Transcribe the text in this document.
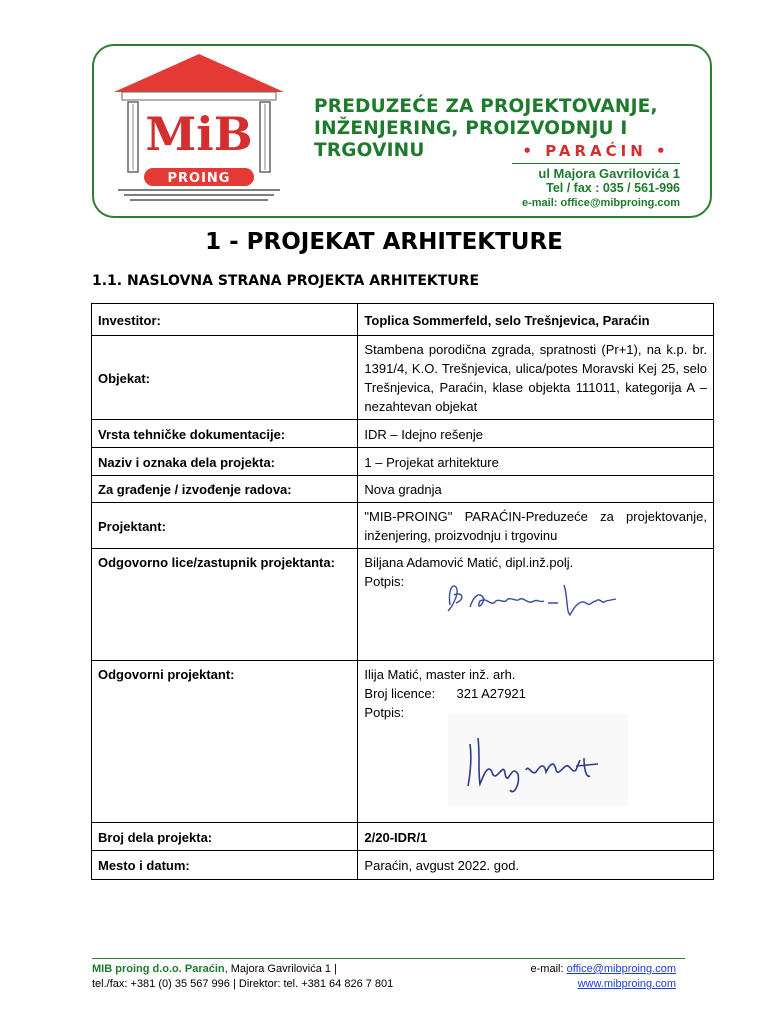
MiB
PROING
PREDUZEĆE ZA PROJEKTOVANJE,
INŽENJERING, PROIZVODNJU I
TRGOVINU	• PARAĆIN •
ul Majora Gavrilovića 1
Tel / fax : 035 / 561-996
e-mail: office@mibproing.com
1 - PROJEKAT ARHITEKTURE
1.1. NASLOVNA STRANA PROJEKTA ARHITEKTURE
Investitor:	Toplica Sommerfeld, selo Trešnjevica, Paraćin
Objekat:	Stambena porodična zgrada, spratnosti (Pr+1), na k.p. br. 1391/4, K.O. Trešnjevica, ulica/potes Moravski Kej 25, selo Trešnjevica, Paraćin, klase objekta 111011, kategorija A –nezahtevan objekat
Vrsta tehničke dokumentacije:	IDR – Idejno rešenje
Naziv i oznaka dela projekta:	1 – Projekat arhitekture
Za građenje / izvođenje radova:	Nova gradnja
Projektant:	"MIB-PROING" PARAĆIN-Preduzeće za projektovanje, inženjering, proizvodnju i trgovinu
Odgovorno lice/zastupnik projektanta:	Biljana Adamović Matić, dipl.inž.polj.
Potpis:

Odgovorni projektant:	Ilija Matić, master inž. arh.
Broj licence: 321 A27921
Potpis:

Broj dela projekta:	2/20-IDR/1
Mesto i datum:	Paraćin, avgust 2022. god.
MIB proing d.o.o. Paraćin, Majora Gavrilovića 1 |	e-mail: office@mibproing.com
tel./fax: +381 (0) 35 567 996 | Direktor: tel. +381 64 826 7 801	www.mibproing.com
